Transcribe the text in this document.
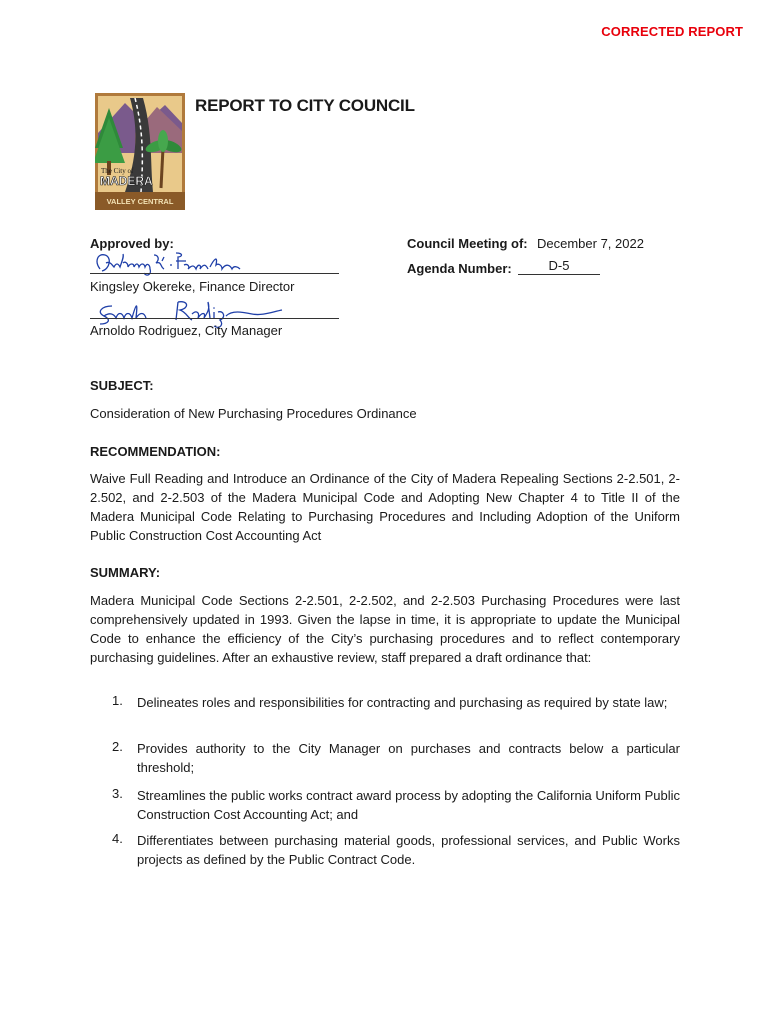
CORRECTED REPORT
The City of
MADERA
VALLEY CENTRAL
REPORT TO CITY COUNCIL
Approved by:
Kingsley Okereke, Finance Director
Arnoldo Rodriguez, City Manager
Council Meeting of: December 7, 2022
Agenda Number:	D-5
SUBJECT:
Consideration of New Purchasing Procedures Ordinance
RECOMMENDATION:
Waive Full Reading and Introduce an Ordinance of the City of Madera Repealing Sections 2-2.501, 2-2.502, and 2-2.503 of the Madera Municipal Code and Adopting New Chapter 4 to Title II of the Madera Municipal Code Relating to Purchasing Procedures and Including Adoption of the Uniform Public Construction Cost Accounting Act
SUMMARY:
Madera Municipal Code Sections 2-2.501, 2-2.502, and 2-2.503 Purchasing Procedures were last comprehensively updated in 1993. Given the lapse in time, it is appropriate to update the Municipal Code to enhance the efficiency of the City’s purchasing procedures and to reflect contemporary purchasing guidelines. After an exhaustive review, staff prepared a draft ordinance that:
1. Delineates roles and responsibilities for contracting and purchasing as required by state law;
2. Provides authority to the City Manager on purchases and contracts below a particular threshold;
3. Streamlines the public works contract award process by adopting the California Uniform Public Construction Cost Accounting Act; and
4. Differentiates between purchasing material goods, professional services, and Public Works projects as defined by the Public Contract Code.
